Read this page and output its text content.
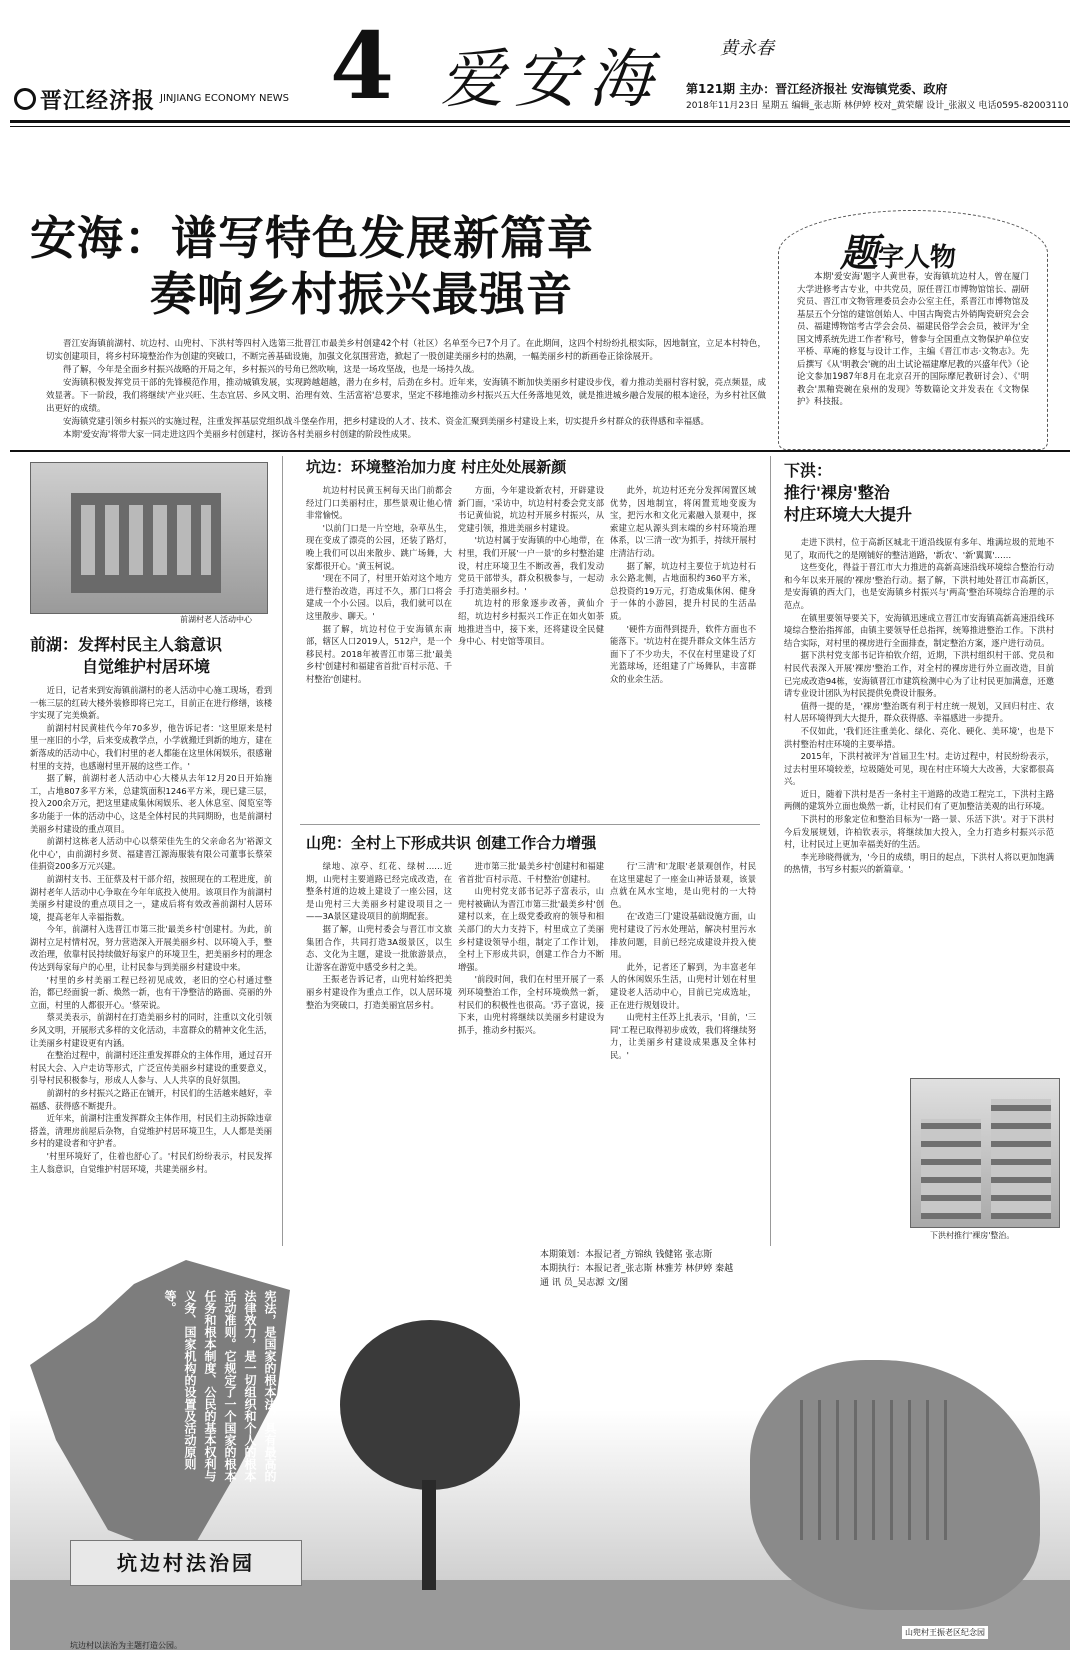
晋江经济报 JINJIANG ECONOMY NEWS 4 爱安海	黄永春
第121期 主办：晋江经济报社 安海镇党委、政府
2018年11月23日 星期五 编辑_张志斯 林伊婷 校对_黄荣耀 设计_张淑义 电话0595-82003110
安海：谱写特色发展新篇章
奏响乡村振兴最强音

晋江安海镇前湖村、坑边村、山兜村、下洪村等四村入选第三批晋江市最美乡村创建42个村（社区）名单至今已7个月了。在此期间，这四个村纷纷扎根实际，因地制宜，立足本村特色，切实创建项目，将乡村环境整治作为创建的突破口，不断完善基础设施，加强文化氛围营造，掀起了一股创建美丽乡村的热潮，一幅美丽乡村的新画卷正徐徐展开。

得了解，今年是全面乡村振兴战略的开局之年，乡村振兴的号角已然吹响，这是一场攻坚战，也是一场持久战。

安海镇积极发挥党员干部的先锋模范作用，推动城镇发展，实现跨越超越，潜力在乡村，后劲在乡村。近年来，安海镇不断加快美丽乡村建设步伐，着力推动美丽村容村貌，亮点频显，成效显著。下一阶段，我们将继续'产业兴旺、生态宜居、乡风文明、治理有效、生活富裕'总要求，坚定不移地推动乡村振兴五大任务落地见效，就是推进城乡融合发展的根本途径，为乡村社区做出更好的成绩。

安海镇党建引领乡村振兴的实施过程，注重发挥基层党组织战斗堡垒作用，把乡村建设的人才、技术、资金汇聚到美丽乡村建设上来，切实提升乡村群众的获得感和幸福感。

本期'爱安海'将带大家一同走进这四个美丽乡村创建村，探访各村美丽乡村创建的阶段性成果。

本期'爱安海'题字人黄世春，安海镇坑边村人，曾在厦门大学进修考古专业，中共党员，原任晋江市博物馆馆长、副研究员、晋江市文物管理委员会办公室主任，系晋江市博物馆及基层五个分馆的建馆创始人、中国古陶瓷古外销陶瓷研究会会员、福建博物馆考古学会会员、福建民俗学会会员，被评为'全国文博系统先进工作者'称号，曾参与全国重点文物保护单位安平桥、草庵的修复与设计工作，主编《晋江市志·文物志》。先后撰写《从'明教会'碗的出土试论福建摩尼教的兴盛年代》（论论文参加1987年8月在北京召开的国际摩尼教研讨会）、《'明教会'黑釉瓷碗在泉州的发现》等数篇论文并发表在《文物保护》科技报。

题字人物
前湖村老人活动中心
前湖：发挥村民主人翁意识
自觉维护村居环境

近日，记者来到安海镇前湖村的老人活动中心施工现场，看到一栋三层的红砖大楼外装修即将已完工，目前正在进行修缮，该楼宇实现了完美焕新。

前湖村村民黄桂代今年70多岁，他告诉记者：'这里原来是村里一座旧的小学，后来变成教学点，小学就搬迁到新的地方，建在新落成的活动中心，我们村里的老人都能在这里休闲娱乐，很感谢村里的支持，也感谢村里开展的这些工作。'

据了解，前湖村老人活动中心大楼从去年12月20日开始施工，占地807多平方米，总建筑面积1246平方米，现已建三层，投入200余万元，把这里建成集休闲娱乐、老人休息室、阅览室等多功能于一体的活动中心，这是全体村民的共同期盼，也是前湖村美丽乡村建设的重点项目。

前湖村这栋老人活动中心以蔡荣佳先生的父亲命名为'裕源文化中心'，由前湖村乡贤、福建晋江源海服装有限公司董事长蔡荣佳捐资200多万元兴建。

前湖村支书、王征蔡及村干部介绍，按照现在的工程进度，前湖村老年人活动中心争取在今年年底投入使用。该项目作为前湖村美丽乡村建设的重点项目之一，建成后将有效改善前湖村人居环境，提高老年人幸福指数。

今年，前湖村入选晋江市第三批'最美乡村'创建村。为此，前湖村立足村情村况，努力营造深入开展美丽乡村、以环境入手，整改治理，依靠村民持续做好每家户的环境卫生，把美丽乡村的理念传达到每家每户的心里，让村民参与到美丽乡村建设中来。

'村里的乡村美丽工程已经初见成效，老旧的空心村通过整治，都已经面貌一新、焕然一新，也有干净整洁的路面、亮丽的外立面，村里的人都很开心。'蔡荣说。

蔡灵美表示，前湖村在打造美丽乡村的同时，注重以文化引领乡风文明，开展形式多样的文化活动，丰富群众的精神文化生活，让美丽乡村建设更有内涵。

在整治过程中，前湖村还注重发挥群众的主体作用，通过召开村民大会、入户走访等形式，广泛宣传美丽乡村建设的重要意义，引导村民积极参与，形成人人参与、人人共享的良好氛围。

前湖村的乡村振兴之路正在铺开，村民们的生活越来越好，幸福感、获得感不断提升。

近年来，前湖村注重发挥群众主体作用，村民们主动拆除违章搭盖，清理房前屋后杂物，自觉维护村居环境卫生，人人都是美丽乡村的建设者和守护者。

'村里环境好了，住着也舒心了。'村民们纷纷表示，村民发挥主人翁意识，自觉维护村居环境，共建美丽乡村。

坑边：环境整治加力度 村庄处处展新颜

坑边村村民黄玉柯每天出门前都会经过门口美丽村庄，那些景观让他心情非常愉悦。

'以前门口是一片空地，杂草丛生，现在变成了漂亮的公园，还装了路灯，晚上我们可以出来散步、跳广场舞，大家都很开心。'黄玉柯说。

'现在不同了，村里开始对这个地方进行整治改造，再过不久，那门口将会建成一个小公园。以后，我们就可以在这里散步、聊天。'

据了解，坑边村位于安海镇东南部，辖区人口2019人，512户，是一个移民村。2018年被晋江市第三批'最美乡村'创建村和福建省首批'百村示范、千村整治'创建村。

方面，今年建设新农村，开辟建设新门面，'采访中，坑边村村委会党支部书记黄仙说，坑边村开展乡村振兴，从党建引领，推进美丽乡村建设。

'坑边村属于安海镇的中心地带，在村里，我们开展'一户一景'的乡村整治建设，村庄环境卫生不断改善，我们发动党员干部带头，群众积极参与，一起动手打造美丽乡村。'

坑边村的形象逐步改善，黄仙介绍，坑边村乡村振兴工作正在如火如荼地推进当中，接下来，还将建设全民健身中心、村史馆等项目。

此外，坑边村还充分发挥闲置区域优势，因地制宜，将闲置荒地变废为宝，把污水和文化元素融入景观中，探索建立起从源头到末端的乡村环境治理体系，以'三清一改'为抓手，持续开展村庄清洁行动。

据了解，坑边村主要位于坑边村石永公路北侧，占地面积约360平方米，总投资约19万元，打造成集休闲、健身于一体的小游园，提升村民的生活品质。

'硬件方面得到提升，软件方面也不能落下。'坑边村在提升群众文体生活方面下了不少功夫，不仅在村里建设了灯光篮球场，还组建了广场舞队，丰富群众的业余生活。

山兜：全村上下形成共识 创建工作合力增强

绿地、凉亭、红花、绿树……近期，山兜村主要道路已经完成改造，在整条村道的边坡上建设了一座公园，这是山兜村三大美丽乡村建设项目之一——3A景区建设项目的前期配套。

据了解，山兜村委会与晋江市文旅集团合作，共同打造3A级景区，以生态、文化为主题，建设一批旅游景点，让游客在游览中感受乡村之美。

王振老告诉记者，山兜村始终把美丽乡村建设作为重点工作，以人居环境整治为突破口，打造美丽宜居乡村。

进市第三批'最美乡村'创建村和福建省首批'百村示范、千村整治'创建村。

山兜村党支部书记苏子富表示，山兜村被确认为晋江市第三批'最美乡村'创建村以来，在上级党委政府的领导和相关部门的大力支持下，村里成立了美丽乡村建设领导小组，制定了工作计划，全村上下形成共识，创建工作合力不断增强。

'前段时间，我们在村里开展了一系列环境整治工作，全村环境焕然一新，村民们的积极性也很高。'苏子富说，接下来，山兜村将继续以美丽乡村建设为抓手，推动乡村振兴。

行'三清'和'龙眼'老景观创作，村民在这里建起了一座金山神话景观，该景点就在风水宝地，是山兜村的一大特色。

在'改造三门'建设基础设施方面，山兜村建设了污水处理站，解决村里污水排放问题，目前已经完成建设并投入使用。

此外，记者还了解到，为丰富老年人的休闲娱乐生活，山兜村计划在村里建设老人活动中心，目前已完成选址，正在进行规划设计。

山兜村主任苏上扎表示，'目前，'三同'工程已取得初步成效，我们将继续努力，让美丽乡村建设成果惠及全体村民。'

下洪：
推行'裸房'整治
村庄环境大大提升

走进下洪村，位于高新区城北干道沿线原有多年、堆满垃圾的荒地不见了，取而代之的是刚铺好的整洁道路，'新农'、'新'翼翼'……

这些变化，得益于晋江市大力推进的高新高速沿线环境综合整治行动和今年以来开展的'裸房'整治行动。据了解，下洪村地处晋江市高新区，是安海镇的西大门，也是安海镇乡村振兴与'两高'整治环境综合治理的示范点。

在镇里要领导要关下，安海镇迅速成立晋江市安海镇高新高速沿线环境综合整治指挥部，由镇主要领导任总指挥，统筹推进整治工作。下洪村结合实际，对村里的裸房进行全面排查，制定整治方案，逐户进行动员。

据下洪村党支部书记许柏钦介绍，近期，下洪村组织村干部、党员和村民代表深入开展'裸房'整治工作，对全村的裸房进行外立面改造，目前已完成改造94栋，安海镇晋江市建筑检测中心为了让村民更加满意，还邀请专业设计团队为村民提供免费设计服务。

值得一提的是，'裸房'整治既有利于村庄统一规划，又回归村庄、农村人居环境得到大大提升，群众获得感、幸福感进一步提升。

不仅如此，'我们还注重美化、绿化、亮化、硬化、美环境'，也是下洪村整治村庄环境的主要举措。

2015年，下洪村被评为'首届卫生'村。走访过程中，村民纷纷表示，过去村里环境较差，垃圾随处可见，现在村庄环境大大改善，大家都很高兴。

近日，随着下洪村是否一条村主干道路的改造工程完工，下洪村主路两侧的建筑外立面也焕然一新，让村民们有了更加整洁美观的出行环境。

下洪村的形象定位和整治目标为'一路一景、乐活下洪'。对于下洪村今后发展规划，许柏钦表示，将继续加大投入，全力打造乡村振兴示范村，让村民过上更加幸福美好的生活。

李光珍晓得就为，'今日的成绩，明日的起点，下洪村人将以更加饱满的热情，书写乡村振兴的新篇章。'

下洪村推行'裸房'整治。
宪法，是国家的根本法，具有最高的法律效力，是一切组织和个人的根本活动准则。它规定了一个国家的根本任务和根本制度、公民的基本权利与义务、国家机构的设置及活动原则等。
坑边村法治园
本期策划：本报记者_方锦纨 钱健铭 张志斯
本期执行：本报记者_张志斯 林雅芳 林伊婷 秦越
通 讯 员_吴志源 文/图
坑边村以法治为主题打造公园。
山兜村王振老区纪念园
